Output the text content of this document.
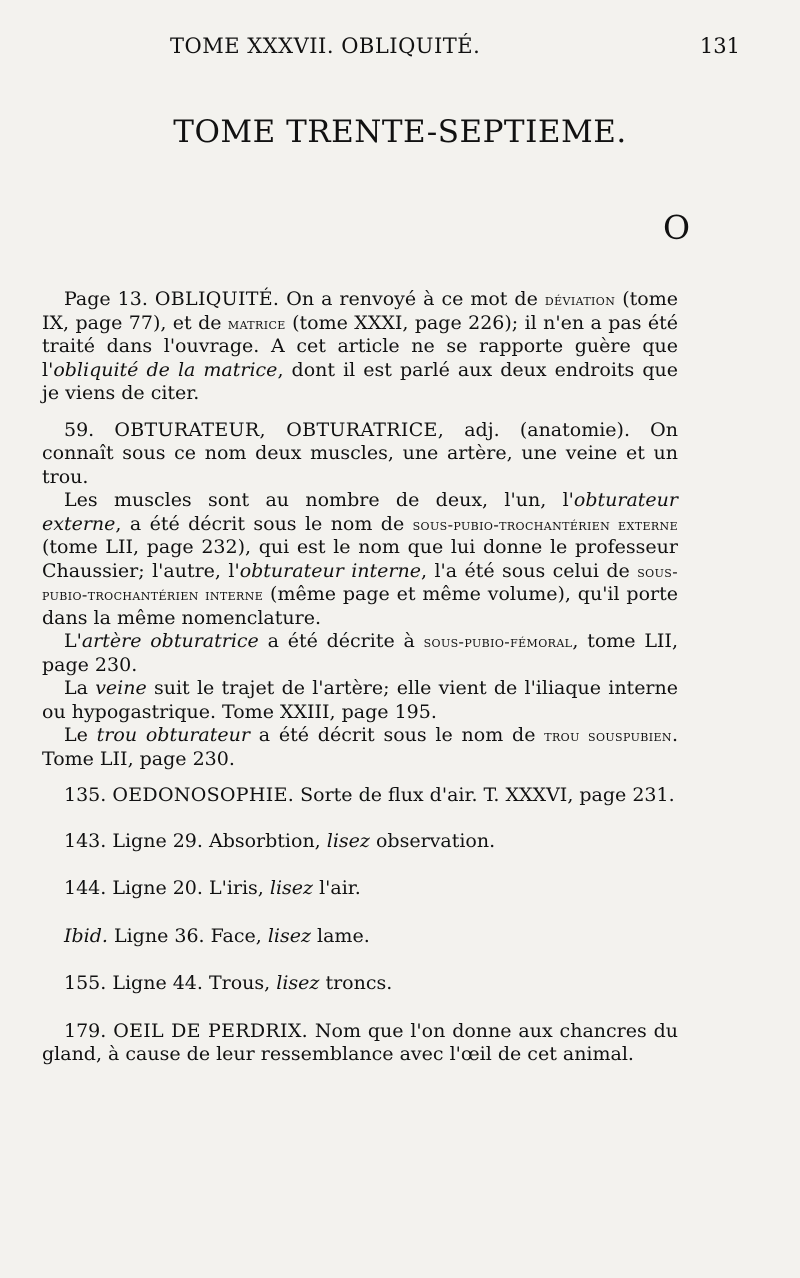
TOME XXXVII. OBLIQUITÉ.	131
TOME TRENTE-SEPTIEME.
O

Page 13. OBLIQUITÉ. On a renvoyé à ce mot de déviation (tome IX, page 77), et de matrice (tome XXXI, page 226); il n'en a pas été traité dans l'ouvrage. A cet article ne se rapporte guère que l'obliquité de la matrice, dont il est parlé aux deux endroits que je viens de citer.

59. OBTURATEUR, OBTURATRICE, adj. (anatomie). On connaît sous ce nom deux muscles, une artère, une veine et un trou.

Les muscles sont au nombre de deux, l'un, l'obturateur externe, a été décrit sous le nom de sous-pubio-trochantérien externe (tome LII, page 232), qui est le nom que lui donne le professeur Chaussier; l'autre, l'obturateur interne, l'a été sous celui de sous-pubio-trochantérien interne (même page et même volume), qu'il porte dans la même nomenclature.

L'artère obturatrice a été décrite à sous-pubio-fémoral, tome LII, page 230.

La veine suit le trajet de l'artère; elle vient de l'iliaque interne ou hypogastrique. Tome XXIII, page 195.

Le trou obturateur a été décrit sous le nom de trou souspubien. Tome LII, page 230.

135. OEDONOSOPHIE. Sorte de flux d'air. T. XXXVI, page 231.

143. Ligne 29. Absorbtion, lisez observation.

144. Ligne 20. L'iris, lisez l'air.

Ibid. Ligne 36. Face, lisez lame.

155. Ligne 44. Trous, lisez troncs.

179. OEIL DE PERDRIX. Nom que l'on donne aux chancres du gland, à cause de leur ressemblance avec l'œil de cet animal.
